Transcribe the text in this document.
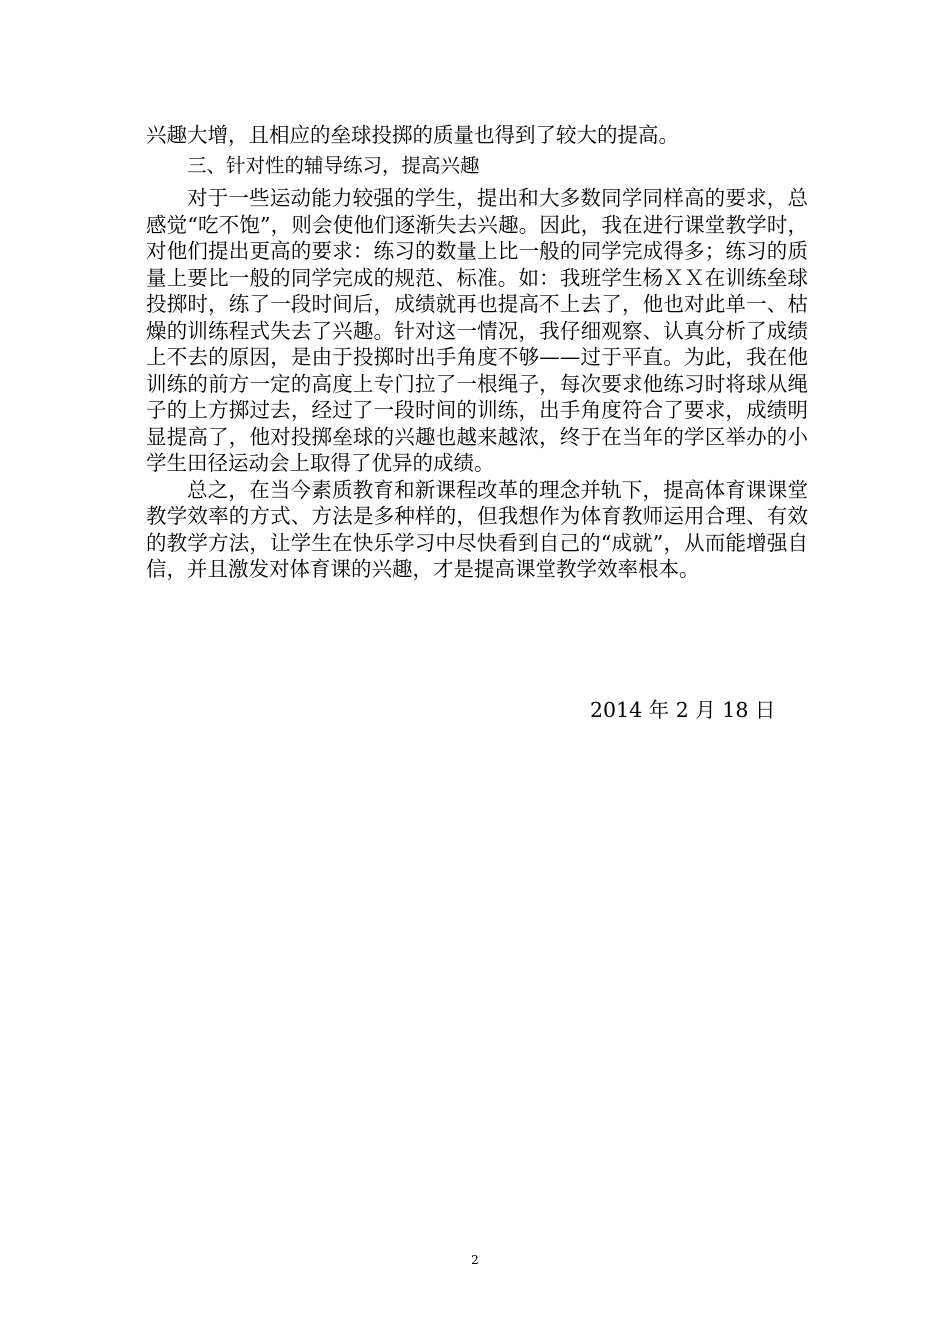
兴趣大增，且相应的垒球投掷的质量也得到了较大的提高。

三、针对性的辅导练习，提高兴趣

对于一些运动能力较强的学生，提出和大多数同学同样高的要求，总感觉“吃不饱”，则会使他们逐渐失去兴趣。因此，我在进行课堂教学时，对他们提出更高的要求：练习的数量上比一般的同学完成得多；练习的质量上要比一般的同学完成的规范、标准。如：我班学生杨ＸＸ在训练垒球投掷时，练了一段时间后，成绩就再也提高不上去了，他也对此单一、枯燥的训练程式失去了兴趣。针对这一情况，我仔细观察、认真分析了成绩上不去的原因，是由于投掷时出手角度不够——过于平直。为此，我在他训练的前方一定的高度上专门拉了一根绳子，每次要求他练习时将球从绳子的上方掷过去，经过了一段时间的训练，出手角度符合了要求，成绩明显提高了，他对投掷垒球的兴趣也越来越浓，终于在当年的学区举办的小学生田径运动会上取得了优异的成绩。

总之，在当今素质教育和新课程改革的理念并轨下，提高体育课课堂教学效率的方式、方法是多种样的，但我想作为体育教师运用合理、有效的教学方法，让学生在快乐学习中尽快看到自己的“成就”，从而能增强自信，并且激发对体育课的兴趣，才是提高课堂教学效率根本。

2014 年 2 月 18 日
2
